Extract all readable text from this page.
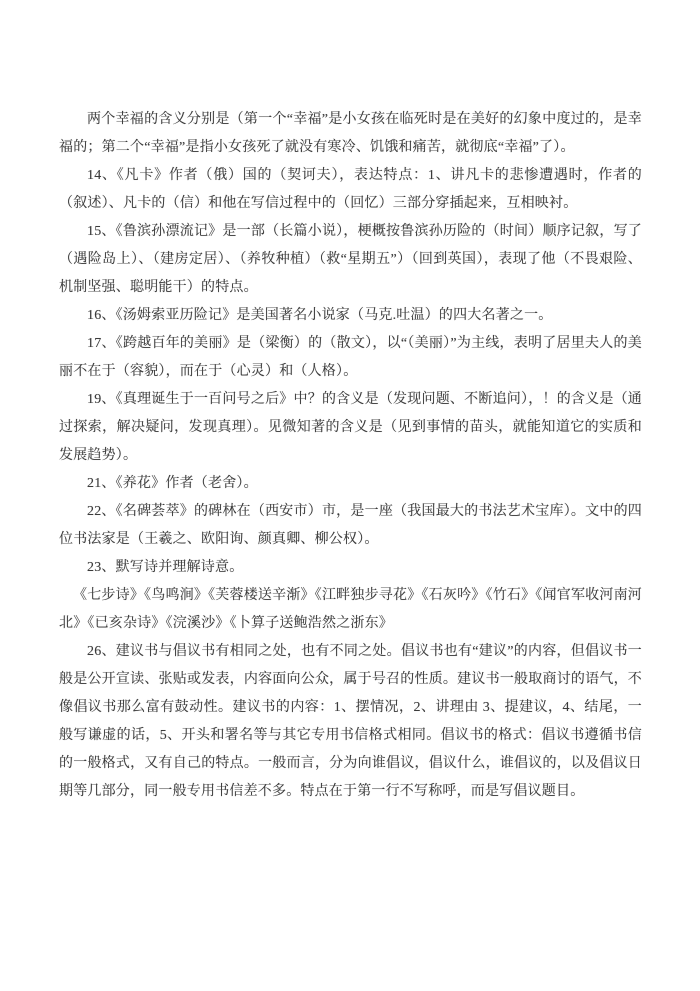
两个幸福的含义分别是（第一个“幸福”是小女孩在临死时是在美好的幻象中度过的，是幸福的；第二个“幸福”是指小女孩死了就没有寒冷、饥饿和痛苦，就彻底“幸福”了）。

14、《凡卡》作者（俄）国的（契诃夫），表达特点：1、讲凡卡的悲惨遭遇时，作者的（叙述）、凡卡的（信）和他在写信过程中的（回忆）三部分穿插起来，互相映衬。

15、《鲁滨孙漂流记》是一部（长篇小说），梗概按鲁滨孙历险的（时间）顺序记叙，写了（遇险岛上）、（建房定居）、（养牧种植）（救“星期五”）（回到英国），表现了他（不畏艰险、机制坚强、聪明能干）的特点。

16、《汤姆索亚历险记》是美国著名小说家（马克.吐温）的四大名著之一。

17、《跨越百年的美丽》是（梁衡）的（散文），以“（美丽）”为主线，表明了居里夫人的美丽不在于（容貌），而在于（心灵）和（人格）。

19、《真理诞生于一百问号之后》中？的含义是（发现问题、不断追问），！的含义是（通过探索，解决疑问，发现真理）。见微知著的含义是（见到事情的苗头，就能知道它的实质和发展趋势）。

21、《养花》作者（老舍）。

22、《名碑荟萃》的碑林在（西安市）市，是一座（我国最大的书法艺术宝库）。文中的四位书法家是（王羲之、欧阳询、颜真卿、柳公权）。

23、默写诗并理解诗意。

《七步诗》《鸟鸣涧》《芙蓉楼送辛渐》《江畔独步寻花》《石灰吟》《竹石》《闻官军收河南河北》《已亥杂诗》《浣溪沙》《卜算子送鲍浩然之浙东》

26、建议书与倡议书有相同之处，也有不同之处。倡议书也有“建议”的内容，但倡议书一般是公开宣读、张贴或发表，内容面向公众，属于号召的性质。建议书一般取商讨的语气，不像倡议书那么富有鼓动性。建议书的内容：1、摆情况，2、讲理由 3、提建议，4、结尾，一般写谦虚的话，5、开头和署名等与其它专用书信格式相同。倡议书的格式：倡议书遵循书信的一般格式，又有自己的特点。一般而言，分为向谁倡议，倡议什么，谁倡议的，以及倡议日期等几部分，同一般专用书信差不多。特点在于第一行不写称呼，而是写倡议题目。
